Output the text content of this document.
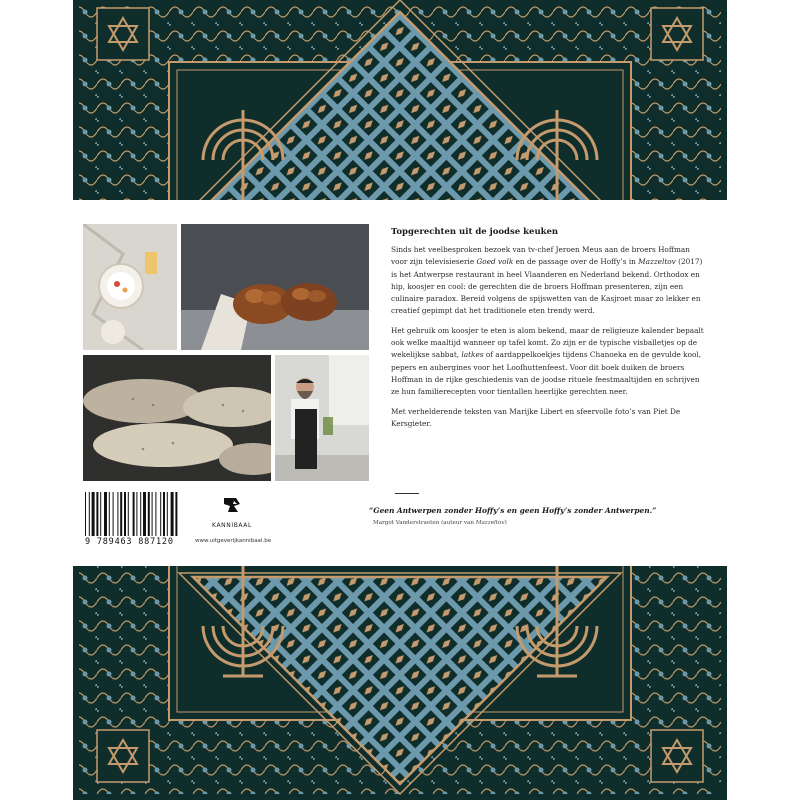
9 789463 887120
KANNIBAAL
www.uitgeverijkannibaal.be
Topgerechten uit de joodse keuken

Sinds het veelbesproken bezoek van tv-chef Jeroen Meus aan de broers Hoffman voor zijn televisieserie Goed volk en de passage over de Hoffy’s in Mazzeltov (2017) is het Antwerpse restaurant in heel Vlaanderen en Nederland bekend. Orthodox en hip, koosjer en cool: de gerechten die de broers Hoffman presenteren, zijn een culinaire paradox. Bereid volgens de spijswetten van de Kasjroet maar zo lekker en creatief gepimpt dat het traditionele eten trendy werd.

Het gebruik om koosjer te eten is alom bekend, maar de religieuze kalender bepaalt ook welke maaltijd wanneer op tafel komt. Zo zijn er de typische visballetjes op de wekelijkse sabbat, latkes of aardappelkoekjes tijdens Chanoeka en de gevulde kool, pepers en aubergines voor het Loofhuttenfeest. Voor dit boek duiken de broers Hoffman in de rijke geschiedenis van de joodse rituele feestmaaltijden en schrijven ze hun familierecepten voor tientallen heerlijke gerechten neer.

Met verhelderende teksten van Marijke Libert en sfeervolle foto’s van Piet De Kersgieter.

“Geen Antwerpen zonder Hoffy’s en geen Hoffy’s zonder Antwerpen.”
Margot Vanderstraeten (auteur van Mazzeltov)
